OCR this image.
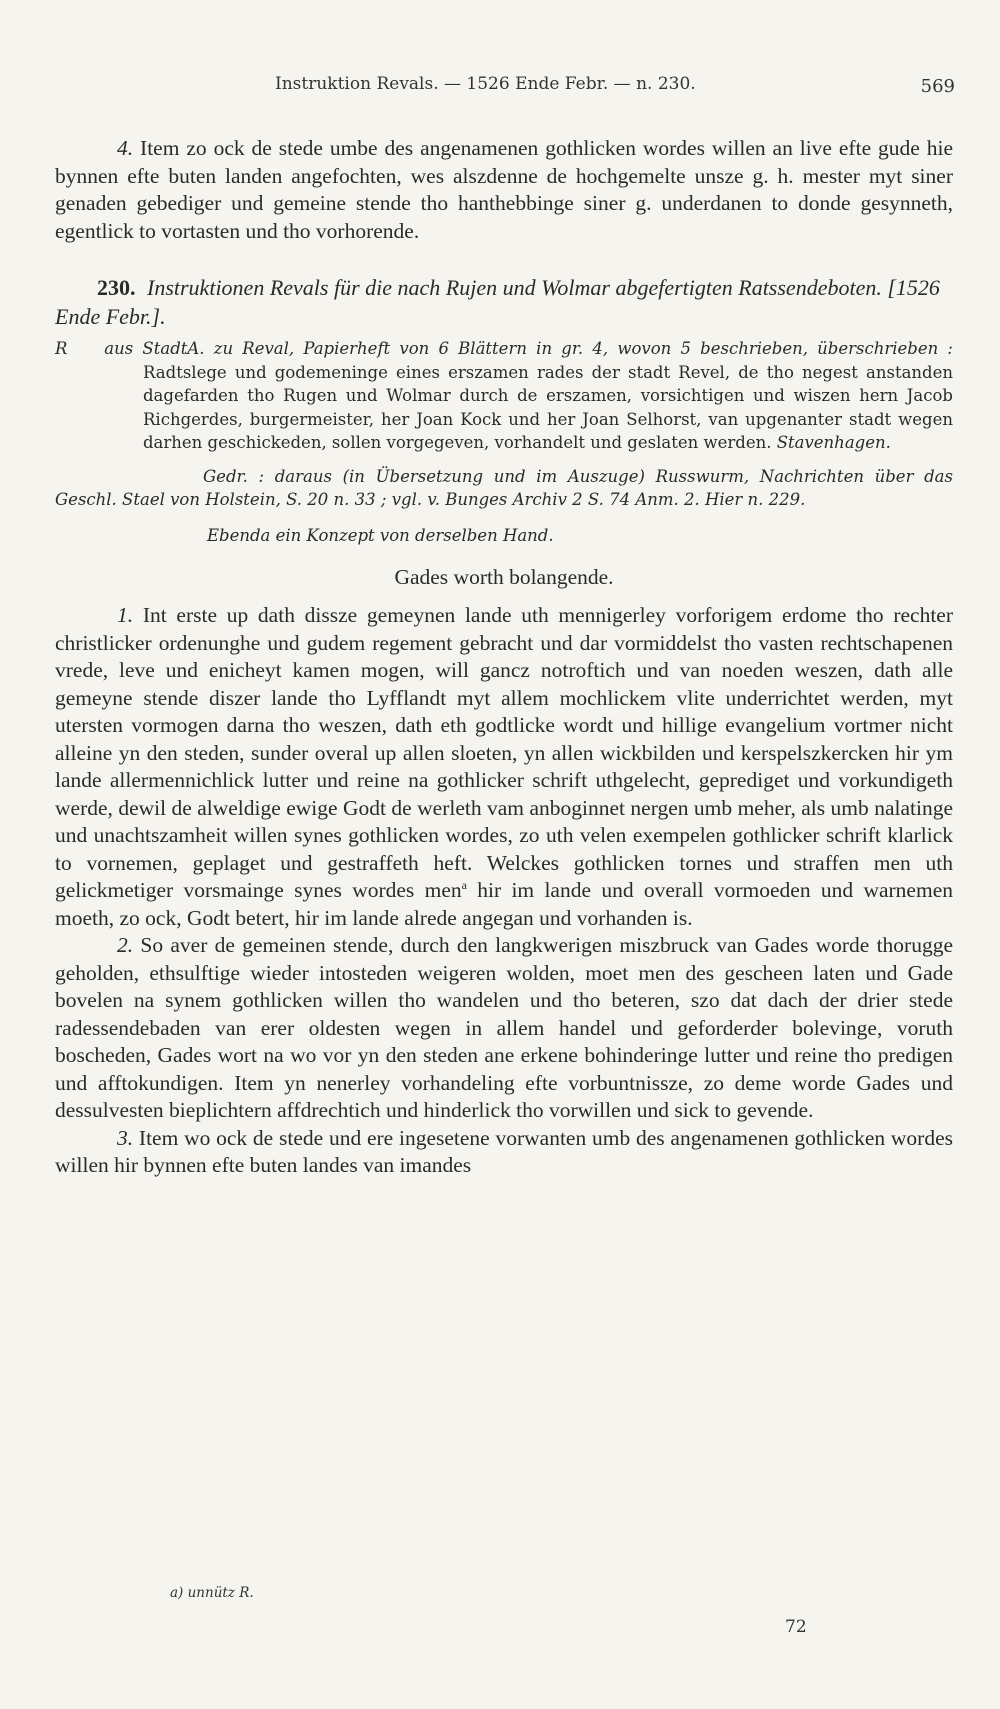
Instruktion Revals. — 1526 Ende Febr. — n. 230.	569

4. Item zo ock de stede umbe des angenamenen gothlicken wordes willen an live efte gude hie bynnen efte buten landen angefochten, wes alszdenne de hochgemelte unsze g. h. mester myt siner genaden gebediger und gemeine stende tho hanthebbinge siner g. underdanen to donde gesynneth, egentlick to vortasten und tho vorhorende.

230. Instruktionen Revals für die nach Rujen und Wolmar abgefertigten Ratssendeboten. [1526 Ende Febr.].
R aus StadtA. zu Reval, Papierheft von 6 Blättern in gr. 4, wovon 5 beschrieben, überschrieben : Radtslege und godemeninge eines erszamen rades der stadt Revel, de tho negest anstanden dagefarden tho Rugen und Wolmar durch de erszamen, vorsichtigen und wiszen hern Jacob Richgerdes, burgermeister, her Joan Kock und her Joan Selhorst, van upgenanter stadt wegen darhen geschickeden, sollen vorgegeven, vorhandelt und geslaten werden. Stavenhagen.
Gedr. : daraus (in Übersetzung und im Auszuge) Russwurm, Nachrichten über das Geschl. Stael von Holstein, S. 20 n. 33 ; vgl. v. Bunges Archiv 2 S. 74 Anm. 2. Hier n. 229.
Ebenda ein Konzept von derselben Hand.
Gades worth bolangende.

1. Int erste up dath dissze gemeynen lande uth mennigerley vorforigem erdome tho rechter christlicker ordenunghe und gudem regement gebracht und dar vormiddelst tho vasten rechtschapenen vrede, leve und enicheyt kamen mogen, will gancz notroftich und van noeden weszen, dath alle gemeyne stende diszer lande tho Lyfflandt myt allem mochlickem vlite underrichtet werden, myt utersten vormogen darna tho weszen, dath eth godtlicke wordt und hillige evangelium vortmer nicht alleine yn den steden, sunder overal up allen sloeten, yn allen wickbilden und kerspelszkercken hir ym lande allermennichlick lutter und reine na gothlicker schrift uthgelecht, geprediget und vorkundigeth werde, dewil de alweldige ewige Godt de werleth vam anboginnet nergen umb meher, als umb nalatinge und unachtszamheit willen synes gothlicken wordes, zo uth velen exempelen gothlicker schrift klarlick to vornemen, geplaget und gestraffeth heft. Welckes gothlicken tornes und straffen men uth gelickmetiger vorsmainge synes wordes men$^a$ hir im lande und overall vormoeden und warnemen moeth, zo ock, Godt betert, hir im lande alrede angegan und vorhanden is.

2. So aver de gemeinen stende, durch den langkwerigen miszbruck van Gades worde thorugge geholden, ethsulftige wieder intosteden weigeren wolden, moet men des gescheen laten und Gade bovelen na synem gothlicken willen tho wandelen und tho beteren, szo dat dach der drier stede radessendebaden van erer oldesten wegen in allem handel und geforderder bolevinge, voruth boscheden, Gades wort na wo vor yn den steden ane erkene bohinderinge lutter und reine tho predigen und afftokundigen. Item yn nenerley vorhandeling efte vorbuntnissze, zo deme worde Gades und dessulvesten bieplichtern affdrechtich und hinderlick tho vorwillen und sick to gevende.

3. Item wo ock de stede und ere ingesetene vorwanten umb des angenamenen gothlicken wordes willen hir bynnen efte buten landes van imandes

a) unnütz R.
72
